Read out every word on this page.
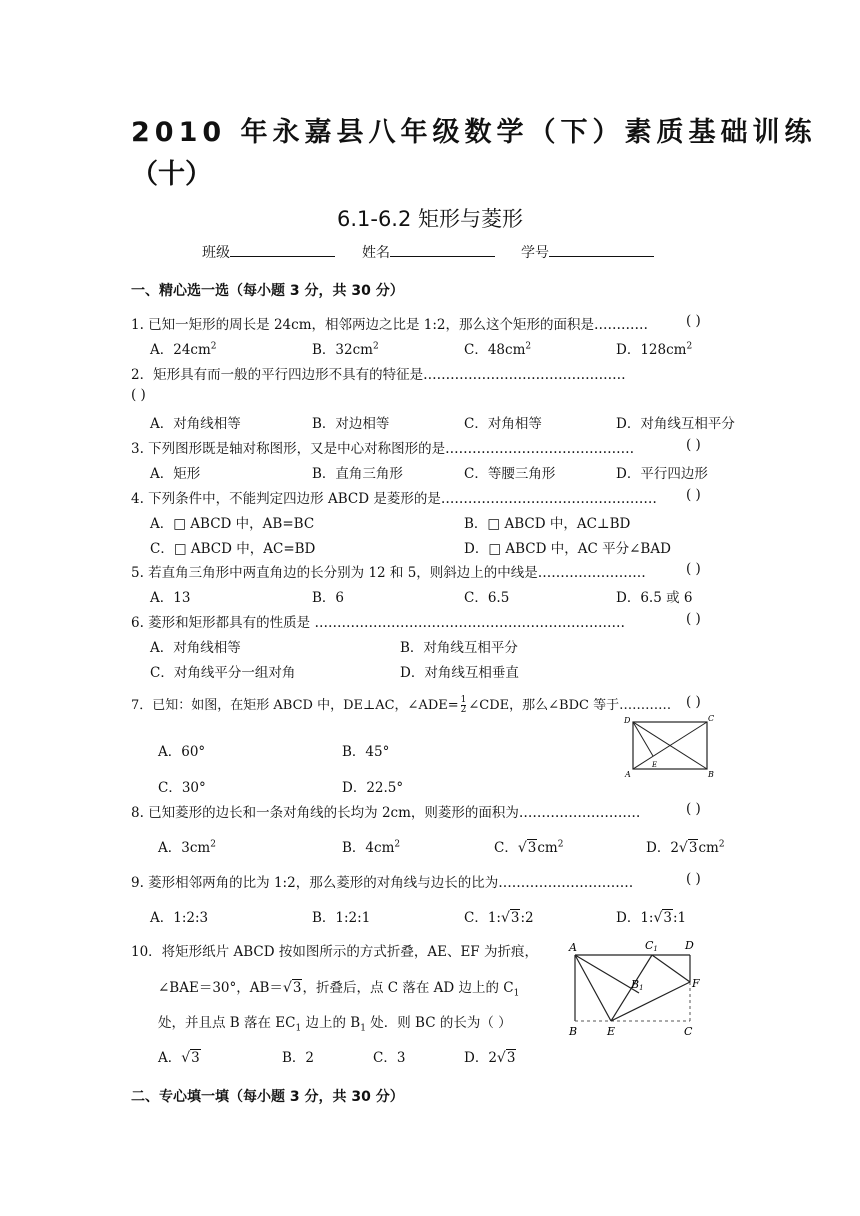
2010 年永嘉县八年级数学（下）素质基础训练
（十）
6.1-6.2 矩形与菱形
班级	姓名	学号
一、精心选一选（每小题 3 分，共 30 分）
1. 已知一矩形的周长是 24cm，相邻两边之比是 1:2，那么这个矩形的面积是…………	( )
A．$24cm^2$	B．$32cm^2$	C．$48cm^2$	D．$128cm^2$
2．矩形具有而一般的平行四边形不具有的特征是………………………………………
( )
A．对角线相等	B．对边相等	C．对角相等	D．对角线互相平分
3. 下列图形既是轴对称图形，又是中心对称图形的是……………………………………	( )
A．矩形	B．直角三角形	C．等腰三角形	D．平行四边形
4. 下列条件中，不能判定四边形 ABCD 是菱形的是………………………………………… ( )
A．□ ABCD 中，AB=BC	B．□ ABCD 中，AC⊥BD
C．□ ABCD 中，AC=BD	D．□ ABCD 中，AC 平分∠BAD
5. 若直角三角形中两直角边的长分别为 12 和 5，则斜边上的中线是……………………	( )
A．13	B．6	C．6.5	D．6.5 或 6
6. 菱形和矩形都具有的性质是 ……………………………………………………………	( )
A．对角线相等	B．对角线互相平分
C．对角线平分一组对角	D．对角线互相垂直
7．已知：如图，在矩形 ABCD 中，DE⊥AC，∠ADE= $\frac{1}{2}$ ∠CDE，那么∠BDC 等于………… ( )
A．60°	B．45°
C．30°	D．22.5°
D	C
A	B
E
8. 已知菱形的边长和一条对角线的长均为 2cm，则菱形的面积为………………………	( )
A．$3cm^2$	B．$4cm^2$	C．$√3cm^2$	D．$2√3cm^2$
9. 菱形相邻两角的比为 1:2，那么菱形的对角线与边长的比为…………………………	( )
A．1:2:3	B．1:2:1	C．1:√3:2	D．1:√3:1
10．将矩形纸片 ABCD 按如图所示的方式折叠，AE、EF 为折痕，
∠BAE＝30°，AB＝√3，折叠后，点 C 落在 AD 边上的 $C_1$
处，并且点 B 落在 $EC_1$ 边上的 $B_1$ 处．则 BC 的长为（ ）
A．√3	B．2	C．3	D．2√3
A	C1 D
B1	F
B	E	C
二、专心填一填（每小题 3 分，共 30 分）
